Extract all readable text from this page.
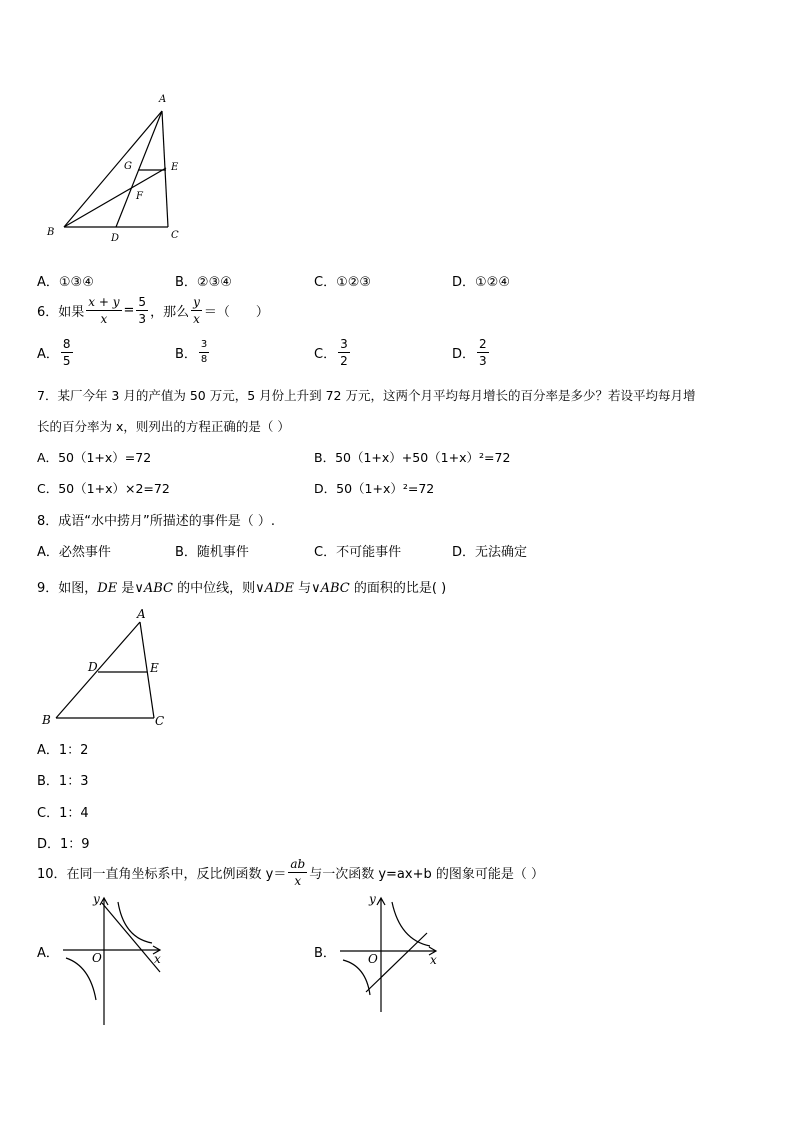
A
G	E
F
B
D	C
A．①③④	B．②③④	C．①②③	D．①②④
6．如果 $\frac{x + y}{x} = \frac{5}{3}$ ，那么 $\frac{y}{x}$ ＝（　　）
A． $\frac{8}{5}$	B． $\frac{3}{8}$	C． $\frac{3}{2}$	D． $\frac{2}{3}$
7．某厂今年 3 月的产值为 50 万元，5 月份上升到 72 万元，这两个月平均每月增长的百分率是多少？若设平均每月增
长的百分率为 x，则列出的方程正确的是（ ）
A．50（1+x）=72	B．50（1+x）+50（1+x）²=72
C．50（1+x）×2=72	D．50（1+x）²=72
8．成语“水中捞月”所描述的事件是（ ）.
A．必然事件	B．随机事件	C．不可能事件	D．无法确定
9．如图，DE 是∨ABC 的中位线，则∨ADE 与∨ABC 的面积的比是( )
A
D	E
B	C
A．1：2
B．1：3
C．1：4
D．1：9
10．在同一直角坐标系中，反比例函数 $y= \frac{ab}{x}$ 与一次函数 y=ax+b 的图象可能是（ ）
A．
y
O	x	B．
y
O	x
